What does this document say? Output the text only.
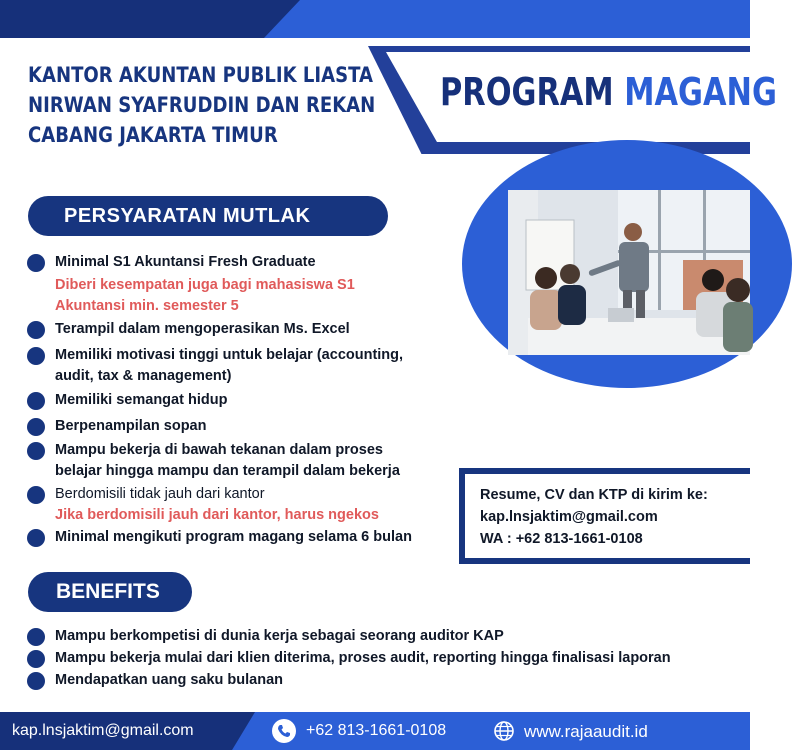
KANTOR AKUNTAN PUBLIK LIASTA
NIRWAN SYAFRUDDIN DAN REKAN
CABANG JAKARTA TIMUR
PROGRAM MAGANG
PERSYARATAN MUTLAK
Minimal S1 Akuntansi Fresh Graduate
Diberi kesempatan juga bagi mahasiswa S1
Akuntansi min. semester 5
Terampil dalam mengoperasikan Ms. Excel
Memiliki motivasi tinggi untuk belajar (accounting,
audit, tax & management)
Memiliki semangat hidup
Berpenampilan sopan
Mampu bekerja di bawah tekanan dalam proses
belajar hingga mampu dan terampil dalam bekerja
Berdomisili tidak jauh dari kantor
Jika berdomisili jauh dari kantor, harus ngekos
Minimal mengikuti program magang selama 6 bulan
Resume, CV dan KTP di kirim ke:
kap.lnsjaktim@gmail.com
WA : +62 813-1661-0108
BENEFITS
Mampu berkompetisi di dunia kerja sebagai seorang auditor KAP
Mampu bekerja mulai dari klien diterima, proses audit, reporting hingga finalisasi laporan
Mendapatkan uang saku bulanan
kap.lnsjaktim@gmail.com	+62 813-1661-0108	www.rajaaudit.id
